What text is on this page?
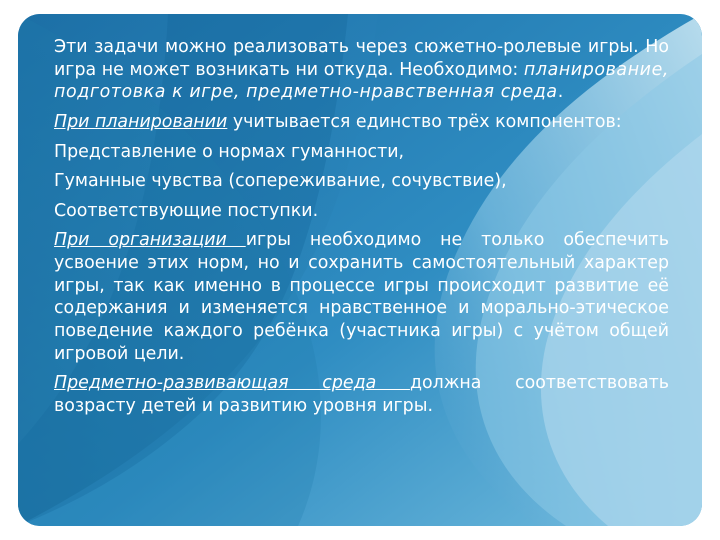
Эти задачи можно реализовать через сюжетно-ролевые игры. Но игра не может возникать ни откуда. Необходимо: планирование, подготовка к игре, предметно-нравственная среда.

При планировании учитывается единство трёх компонентов:

Представление о нормах гуманности,

Гуманные чувства (сопереживание, сочувствие),

Соответствующие поступки.

При организации игры необходимо не только обеспечить усвоение этих норм, но и сохранить самостоятельный характер игры, так как именно в процессе игры происходит развитие её содержания и изменяется нравственное и морально-этическое поведение каждого ребёнка (участника игры) с учётом общей игровой цели.

Предметно-развивающая среда должна соответствовать возрасту детей и развитию уровня игры.
